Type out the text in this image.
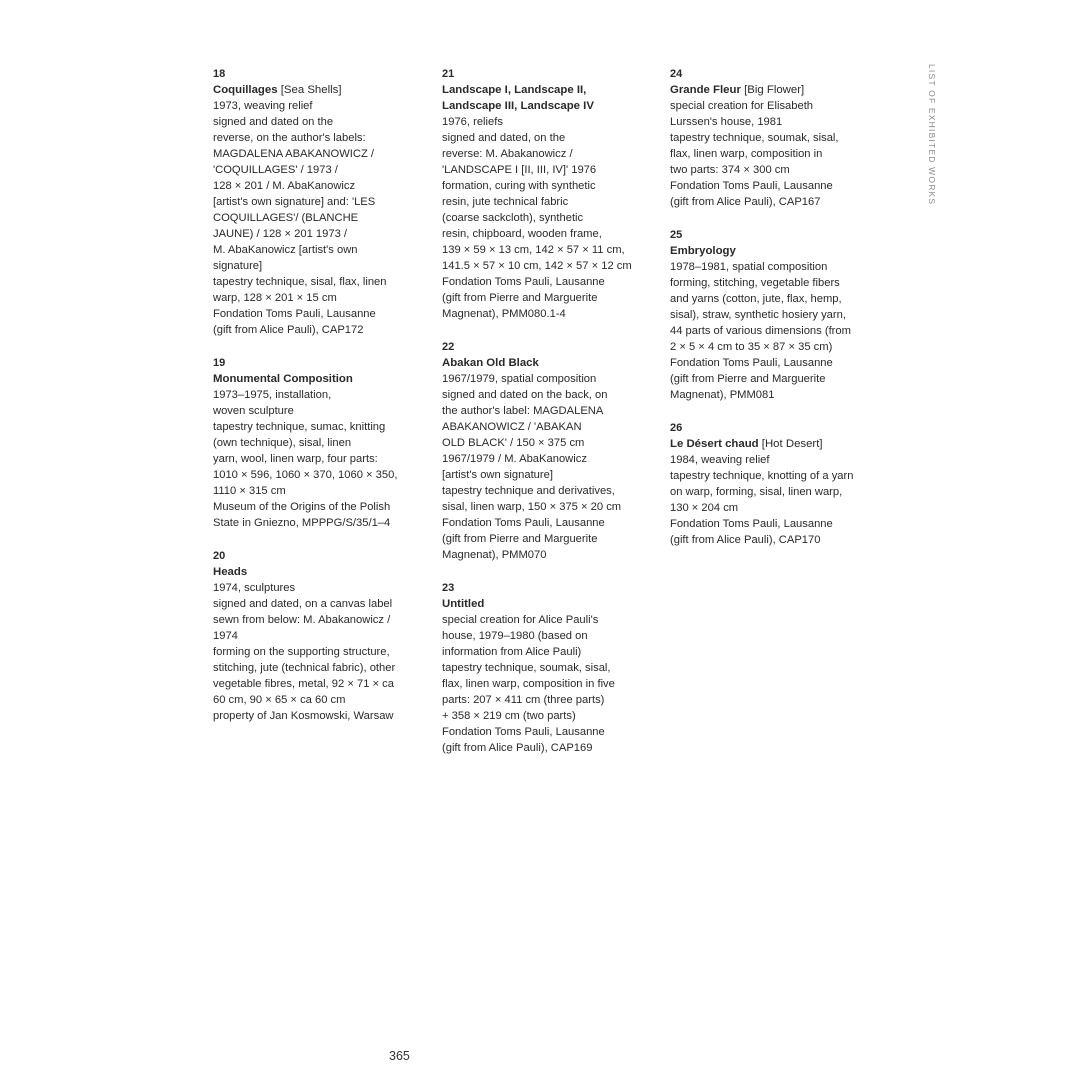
18
Coquillages [Sea Shells]
1973, weaving relief
signed and dated on the
reverse, on the author's labels:
MAGDALENA ABAKANOWICZ /
'COQUILLAGES' / 1973 /
128 × 201 / M. AbaKanowicz
[artist's own signature] and: 'LES
COQUILLAGES'/ (BLANCHE
JAUNE) / 128 × 201 1973 /
M. AbaKanowicz [artist's own
signature]
tapestry technique, sisal, flax, linen
warp, 128 × 201 × 15 cm
Fondation Toms Pauli, Lausanne
(gift from Alice Pauli), CAP172
19
Monumental Composition
1973–1975, installation,
woven sculpture
tapestry technique, sumac, knitting
(own technique), sisal, linen
yarn, wool, linen warp, four parts:
1010 × 596, 1060 × 370, 1060 × 350,
1110 × 315 cm
Museum of the Origins of the Polish
State in Gniezno, MPPPG/S/35/1–4
20
Heads
1974, sculptures
signed and dated, on a canvas label
sewn from below: M. Abakanowicz /
1974
forming on the supporting structure,
stitching, jute (technical fabric), other
vegetable fibres, metal, 92 × 71 × ca
60 cm, 90 × 65 × ca 60 cm
property of Jan Kosmowski, Warsaw
21
Landscape I, Landscape II,
Landscape III, Landscape IV
1976, reliefs
signed and dated, on the
reverse: M. Abakanowicz /
'LANDSCAPE I [II, III, IV]' 1976
formation, curing with synthetic
resin, jute technical fabric
(coarse sackcloth), synthetic
resin, chipboard, wooden frame,
139 × 59 × 13 cm, 142 × 57 × 11 cm,
141.5 × 57 × 10 cm, 142 × 57 × 12 cm
Fondation Toms Pauli, Lausanne
(gift from Pierre and Marguerite
Magnenat), PMM080.1-4
22
Abakan Old Black
1967/1979, spatial composition
signed and dated on the back, on
the author's label: MAGDALENA
ABAKANOWICZ / 'ABAKAN
OLD BLACK' / 150 × 375 cm
1967/1979 / M. AbaKanowicz
[artist's own signature]
tapestry technique and derivatives,
sisal, linen warp, 150 × 375 × 20 cm
Fondation Toms Pauli, Lausanne
(gift from Pierre and Marguerite
Magnenat), PMM070
23
Untitled
special creation for Alice Pauli's
house, 1979–1980 (based on
information from Alice Pauli)
tapestry technique, soumak, sisal,
flax, linen warp, composition in five
parts: 207 × 411 cm (three parts)
+ 358 × 219 cm (two parts)
Fondation Toms Pauli, Lausanne
(gift from Alice Pauli), CAP169
24
Grande Fleur [Big Flower]
special creation for Elisabeth
Lurssen's house, 1981
tapestry technique, soumak, sisal,
flax, linen warp, composition in
two parts: 374 × 300 cm
Fondation Toms Pauli, Lausanne
(gift from Alice Pauli), CAP167
25
Embryology
1978–1981, spatial composition
forming, stitching, vegetable fibers
and yarns (cotton, jute, flax, hemp,
sisal), straw, synthetic hosiery yarn,
44 parts of various dimensions (from
2 × 5 × 4 cm to 35 × 87 × 35 cm)
Fondation Toms Pauli, Lausanne
(gift from Pierre and Marguerite
Magnenat), PMM081
26
Le Désert chaud [Hot Desert]
1984, weaving relief
tapestry technique, knotting of a yarn
on warp, forming, sisal, linen warp,
130 × 204 cm
Fondation Toms Pauli, Lausanne
(gift from Alice Pauli), CAP170
LIST OF EXHIBITED WORKS
365
